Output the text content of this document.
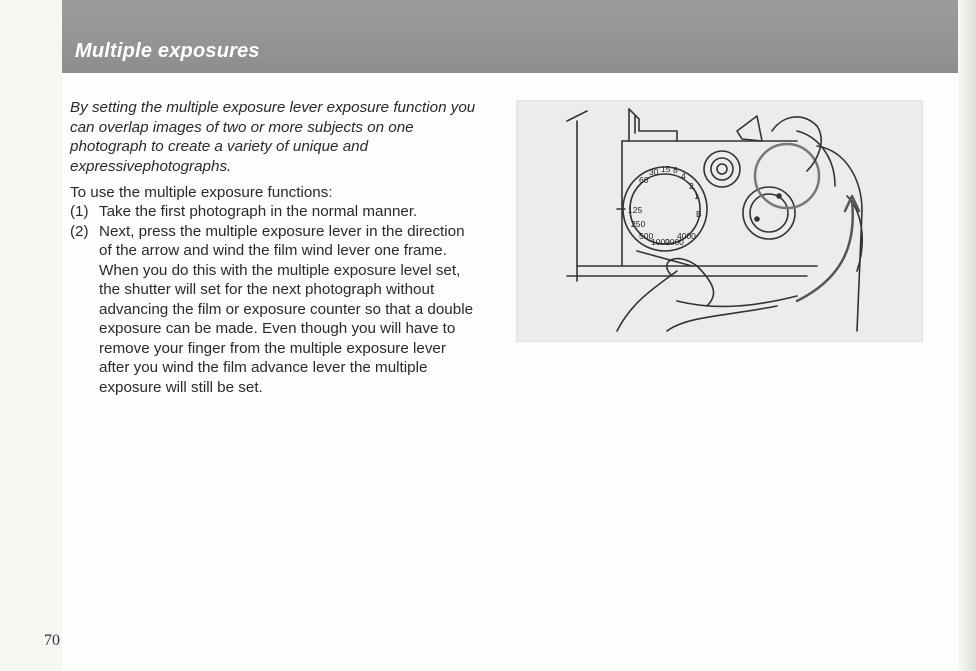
Multiple exposures

By setting the multiple exposure lever exposure function you can overlap images of two or more subjects on one photograph to create a variety of unique and expressivephotographs.

To use the multiple exposure functions:

(1) Take the first photograph in the normal manner.
(2) Next, press the multiple exposure lever in the direction of the arrow and wind the film wind lever one frame. When you do this with the multiple exposure level set, the shutter will set for the next photograph without advancing the film or exposure counter so that a double exposure can be made. Even though you will have to remove your finger from the multiple exposure lever after you wind the film advance lever the multiple exposure will still be set.
60
30 15 8
4
2
1
B
125
250
500
1000
2000
4000
70
